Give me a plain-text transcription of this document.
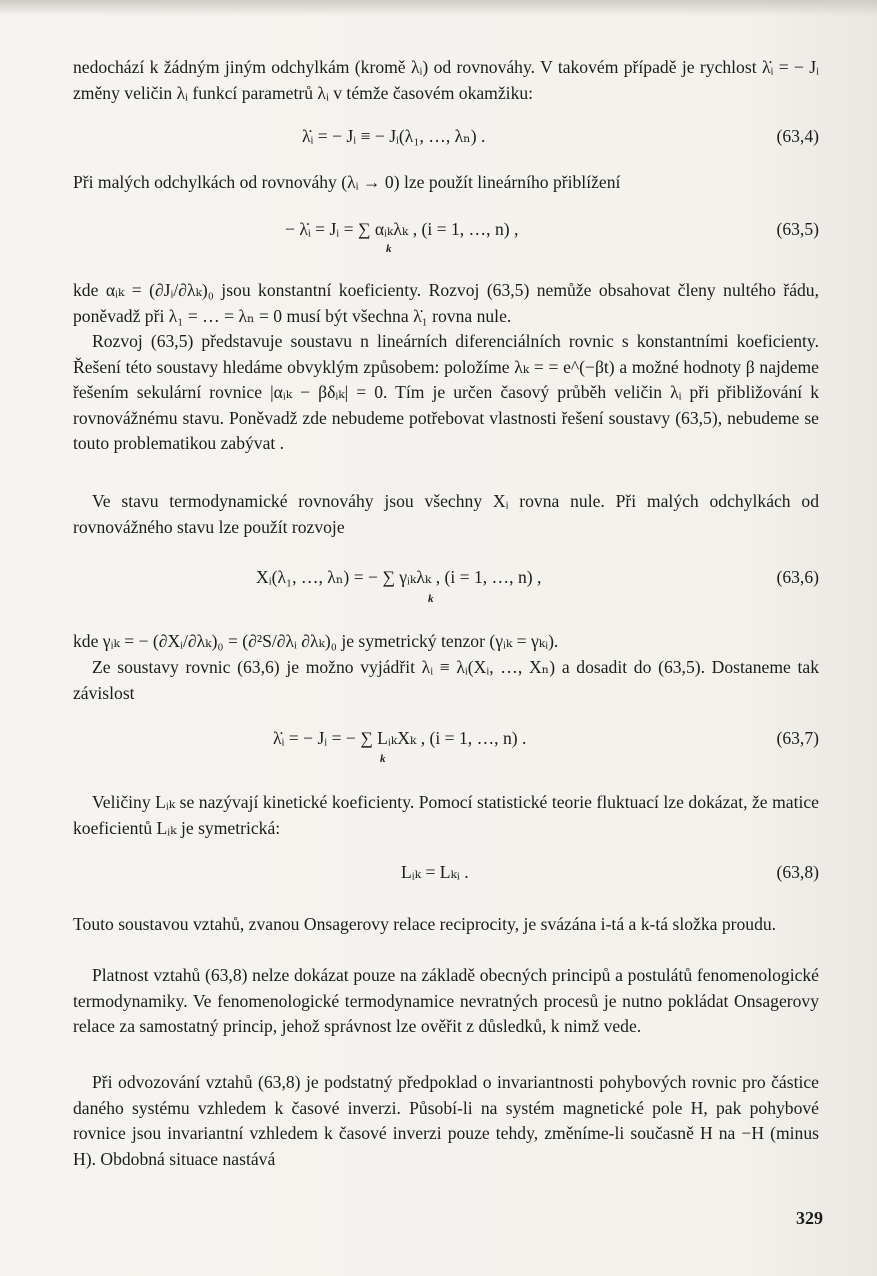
nedochází k žádným jiným odchylkám (kromě λᵢ) od rovnováhy. V takovém případě je rychlost λ̇ᵢ = − Jᵢ změny veličin λᵢ funkcí parametrů λᵢ v témže časovém okamžiku:
λ̇ᵢ = − Jᵢ ≡ − Jᵢ(λ₁, …, λₙ) .	(63,4)
Při malých odchylkách od rovnováhy (λᵢ → 0) lze použít lineárního přiblížení
− λ̇ᵢ = Jᵢ = ∑ αᵢₖλₖ , (i = 1, …, n) ,
k
(63,5)
kde αᵢₖ = (∂Jᵢ/∂λₖ)₀ jsou konstantní koeficienty. Rozvoj (63,5) nemůže obsahovat členy nultého řádu, poněvadž při λ₁ = … = λₙ = 0 musí být všechna λ̇₁ rovna nule.
Rozvoj (63,5) představuje soustavu n lineárních diferenciálních rovnic s konstantními koeficienty. Řešení této soustavy hledáme obvyklým způsobem: položíme λₖ = = e^(−βt) a možné hodnoty β najdeme řešením sekulární rovnice |αᵢₖ − βδᵢₖ| = 0. Tím je určen časový průběh veličin λᵢ při přibližování k rovnovážnému stavu. Poněvadž zde nebudeme potřebovat vlastnosti řešení soustavy (63,5), nebudeme se touto problematikou zabývat .
Ve stavu termodynamické rovnováhy jsou všechny Xᵢ rovna nule. Při malých odchylkách od rovnovážného stavu lze použít rozvoje
Xᵢ(λ₁, …, λₙ) = − ∑ γᵢₖλₖ , (i = 1, …, n) ,
k
(63,6)
kde γᵢₖ = − (∂Xᵢ/∂λₖ)₀ = (∂²S/∂λᵢ ∂λₖ)₀ je symetrický tenzor (γᵢₖ = γₖᵢ).
Ze soustavy rovnic (63,6) je možno vyjádřit λᵢ ≡ λᵢ(Xᵢ, …, Xₙ) a dosadit do (63,5). Dostaneme tak závislost
λ̇ᵢ = − Jᵢ = − ∑ LᵢₖXₖ , (i = 1, …, n) .
k
(63,7)
Veličiny Lᵢₖ se nazývají kinetické koeficienty. Pomocí statistické teorie fluktuací lze dokázat, že matice koeficientů Lᵢₖ je symetrická:
Lᵢₖ = Lₖᵢ .	(63,8)
Touto soustavou vztahů, zvanou Onsagerovy relace reciprocity, je svázána i-tá a k-tá složka proudu.
Platnost vztahů (63,8) nelze dokázat pouze na základě obecných principů a postulátů fenomenologické termodynamiky. Ve fenomenologické termodynamice nevratných procesů je nutno pokládat Onsagerovy relace za samostatný princip, jehož správnost lze ověřit z důsledků, k nimž vede.
Při odvozování vztahů (63,8) je podstatný předpoklad o invariantnosti pohybových rovnic pro částice daného systému vzhledem k časové inverzi. Působí-li na systém magnetické pole H, pak pohybové rovnice jsou invariantní vzhledem k časové inverzi pouze tehdy, změníme-li současně H na −H (minus H). Obdobná situace nastává
329
